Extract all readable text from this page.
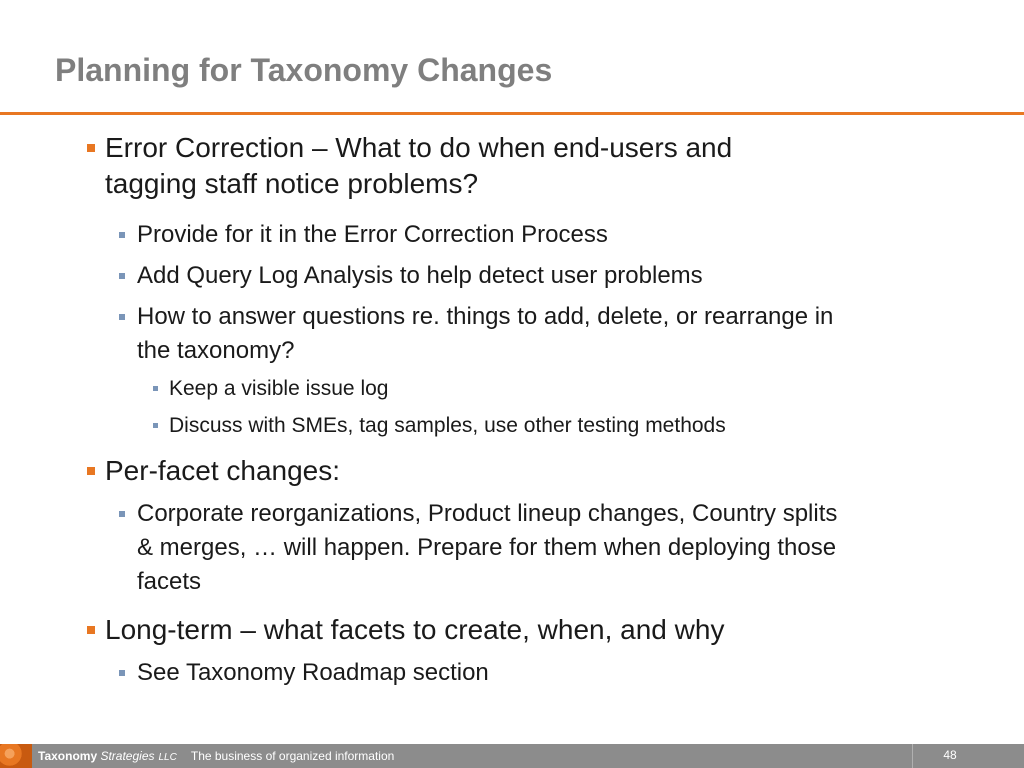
Planning for Taxonomy Changes
Error Correction – What to do when end-users and
tagging staff notice problems?
Provide for it in the Error Correction Process
Add Query Log Analysis to help detect user problems
How to answer questions re. things to add, delete, or rearrange in
the taxonomy?
Keep a visible issue log
Discuss with SMEs, tag samples, use other testing methods
Per-facet changes:
Corporate reorganizations, Product lineup changes, Country splits
& merges, … will happen. Prepare for them when deploying those
facets
Long-term – what facets to create, when, and why
See Taxonomy Roadmap section
Taxonomy Strategies LLC The business of organized information	48
